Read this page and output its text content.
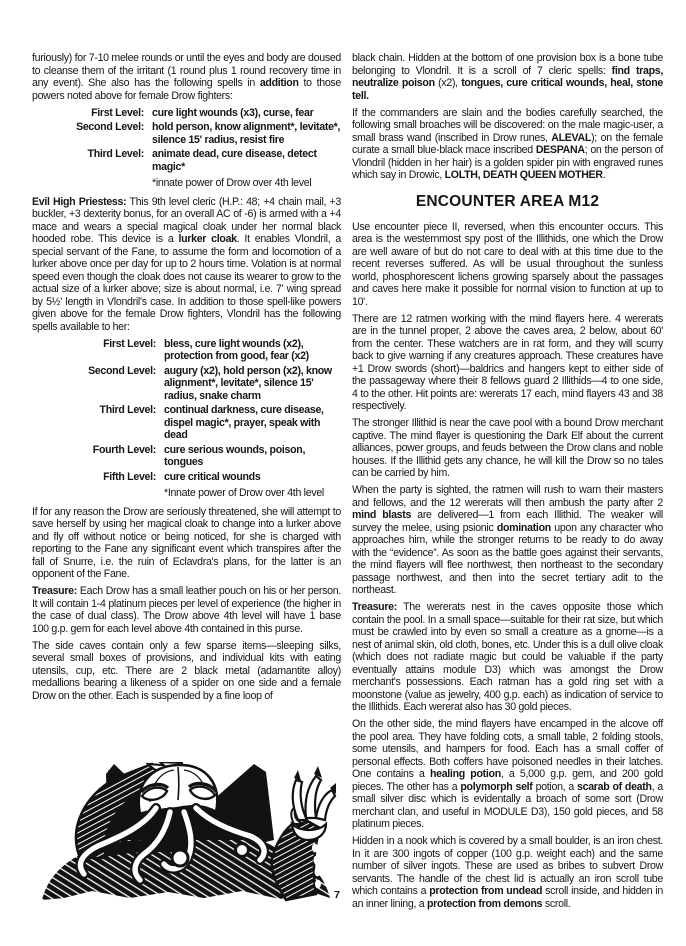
furiously) for 7-10 melee rounds or until the eyes and body are doused to cleanse them of the irritant (1 round plus 1 round recovery time in any event). She also has the following spells in addition to those powers noted above for female Drow fighters:

First Level: cure light wounds (x3), curse, fear
Second Level: hold person, know alignment*, levitate*, silence 15' radius, resist fire
Third Level: animate dead, cure disease, detect magic*
*innate power of Drow over 4th level

Evil High Priestess: This 9th level cleric (H.P.: 48; +4 chain mail, +3 buckler, +3 dexterity bonus, for an overall AC of -6) is armed with a +4 mace and wears a special magical cloak under her normal black hooded robe. This device is a lurker cloak. It enables Vlondril, a special servant of the Fane, to assume the form and locomotion of a lurker above once per day for up to 2 hours time. Volation is at normal speed even though the cloak does not cause its wearer to grow to the actual size of a lurker above; size is about normal, i.e. 7' wing spread by 5½' length in Vlondril's case. In addition to those spell-like powers given above for the female Drow fighters, Vlondril has the following spells available to her:

First Level: bless, cure light wounds (x2), protection from good, fear (x2)
Second Level: augury (x2), hold person (x2), know alignment*, levitate*, silence 15' radius, snake charm
Third Level: continual darkness, cure disease, dispel magic*, prayer, speak with dead
Fourth Level: cure serious wounds, poison, tongues
Fifth Level: cure critical wounds
*Innate power of Drow over 4th level

If for any reason the Drow are seriously threatened, she will attempt to save herself by using her magical cloak to change into a lurker above and fly off without notice or being noticed, for she is charged with reporting to the Fane any significant event which transpires after the fall of Snurre, i.e. the ruin of Eclavdra's plans, for the latter is an opponent of the Fane.

Treasure: Each Drow has a small leather pouch on his or her person. It will contain 1-4 platinum pieces per level of experience (the higher in the case of dual class). The Drow above 4th level will have 1 base 100 g.p. gem for each level above 4th contained in this purse.

The side caves contain only a few sparse items—sleeping silks, several small boxes of provisions, and individual kits with eating utensils, cup, etc. There are 2 black metal (adamantite alloy) medallions bearing a likeness of a spider on one side and a female Drow on the other. Each is suspended by a fine loop of

black chain. Hidden at the bottom of one provision box is a bone tube belonging to Vlondril. It is a scroll of 7 cleric spells: find traps, neutralize poison (x2), tongues, cure critical wounds, heal, stone tell.

If the commanders are slain and the bodies carefully searched, the following small broaches will be discovered: on the male magic-user, a small brass wand (inscribed in Drow runes, ALEVAL); on the female curate a small blue-black mace inscribed DESPANA; on the person of Vlondril (hidden in her hair) is a golden spider pin with engraved runes which say in Drowic, LOLTH, DEATH QUEEN MOTHER.

ENCOUNTER AREA M12

Use encounter piece II, reversed, when this encounter occurs. This area is the westernmost spy post of the Illithids, one which the Drow are well aware of but do not care to deal with at this time due to the recent reverses suffered. As will be usual throughout the sunless world, phosphorescent lichens growing sparsely about the passages and caves here make it possible for normal vision to function at up to 10'.

There are 12 ratmen working with the mind flayers here. 4 wererats are in the tunnel proper, 2 above the caves area, 2 below, about 60' from the center. These watchers are in rat form, and they will scurry back to give warning if any creatures approach. These creatures have +1 Drow swords (short)—baldrics and hangers kept to either side of the passageway where their 8 fellows guard 2 Illithids—4 to one side, 4 to the other. Hit points are: wererats 17 each, mind flayers 43 and 38 respectively.

The stronger Illithid is near the cave pool with a bound Drow merchant captive. The mind flayer is questioning the Dark Elf about the current alliances, power groups, and feuds between the Drow clans and noble houses. If the Illithid gets any chance, he will kill the Drow so no tales can be carried by him.

When the party is sighted, the ratmen will rush to warn their masters and fellows, and the 12 wererats will then ambush the party after 2 mind blasts are delivered—1 from each Illithid. The weaker will survey the melee, using psionic domination upon any character who approaches him, while the stronger returns to be ready to do away with the “evidence”. As soon as the battle goes against their servants, the mind flayers will flee northwest, then northeast to the secondary passage northwest, and then into the secret tertiary adit to the northeast.

Treasure: The wererats nest in the caves opposite those which contain the pool. In a small space—suitable for their rat size, but which must be crawled into by even so small a creature as a gnome—is a nest of animal skin, old cloth, bones, etc. Under this is a dull olive cloak (which does not radiate magic but could be valuable if the party eventually attains module D3) which was amongst the Drow merchant's possessions. Each ratman has a gold ring set with a moonstone (value as jewelry, 400 g.p. each) as indication of service to the Illithids. Each wererat also has 30 gold pieces.

On the other side, the mind flayers have encamped in the alcove off the pool area. They have folding cots, a small table, 2 folding stools, some utensils, and hampers for food. Each has a small coffer of personal effects. Both coffers have poisoned needles in their latches. One contains a healing potion, a 5,000 g.p. gem, and 200 gold pieces. The other has a polymorph self potion, a scarab of death, a small silver disc which is evidentally a broach of some sort (Drow merchant clan, and useful in MODULE D3), 150 gold pieces, and 58 platinum pieces.

Hidden in a nook which is covered by a small boulder, is an iron chest. In it are 300 ingots of copper (100 g.p. weight each) and the same number of silver ingots. These are used as bribes to subvert Drow servants. The handle of the chest lid is actually an iron scroll tube which contains a protection from undead scroll inside, and hidden in an inner lining, a protection from demons scroll.

7
